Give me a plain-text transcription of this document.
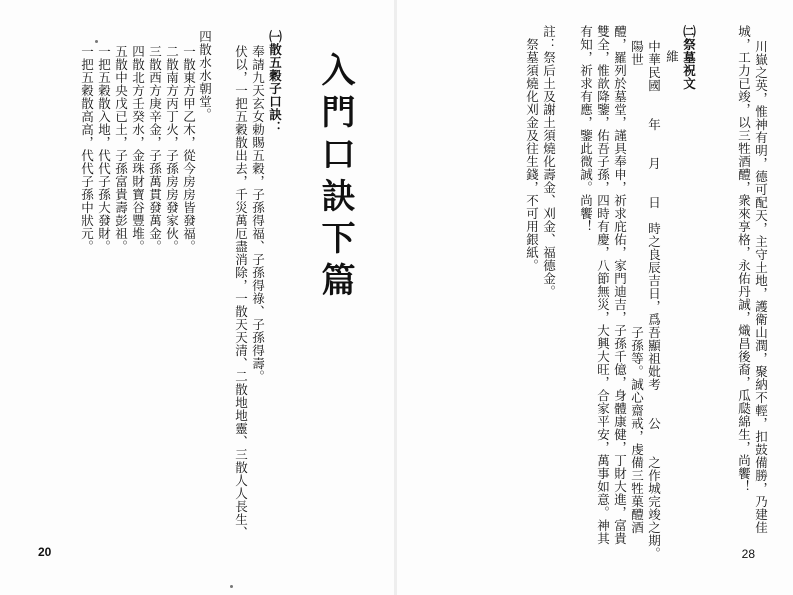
入門口訣下篇
㈠散五穀子口訣：
奉請九天玄女勅賜五穀，子孫得福、子孫得祿、子孫得壽。
伏以，一把五穀散出去，千災萬厄盡消除，一散天天清、二散地地靈、三散人人長生、
四散水水朝堂。
一散東方甲乙木，從今房房皆發福。
二散南方丙丁火，子孫房房發家伙。
三散西方庚辛金，子孫萬貫發萬金。
四散北方壬癸水，金珠財寶谷豐堆。
五散中央戊已土，子孫富貴壽彭祖。
一把五穀散入地，代代子孫大發財。
一把五穀散高高，代代子孫中狀元。
20
川嶽之英，惟神有明，德可配天，主守土地，護衛山潤，聚納不輕，扣鼓備勝，乃建佳
城，工力已竣，以三牲酒醴，衆來享格，永佑丹誠，熾昌後裔，瓜瓞綿生，尚饗！
㈡祭墓祝文
維
中華民國　　年　　月　　日　時之良辰吉日，爲吾顯祖妣考　　公　　之作城完竣之期。
陽世　　　　　　　　　　　　　　　　　　　　子孫等。誠心齋戒，虔備三牲菓醴酒
醴，羅列於墓堂，謹具奉申，祈求庇佑，家門迪吉，子孫千億，身體康健，丁財大進，富貴
雙全，惟歆降鑒，佑吾子孫，四時有慶，八節無災，大興大旺，合家平安，萬事如意。神其
有知，祈求有應，鑒此微誠。尚饗！
註：祭后土及謝土須燒化壽金、刈金、福德金。
　祭墓須燒化刈金及往生錢，不可用銀紙。
28
